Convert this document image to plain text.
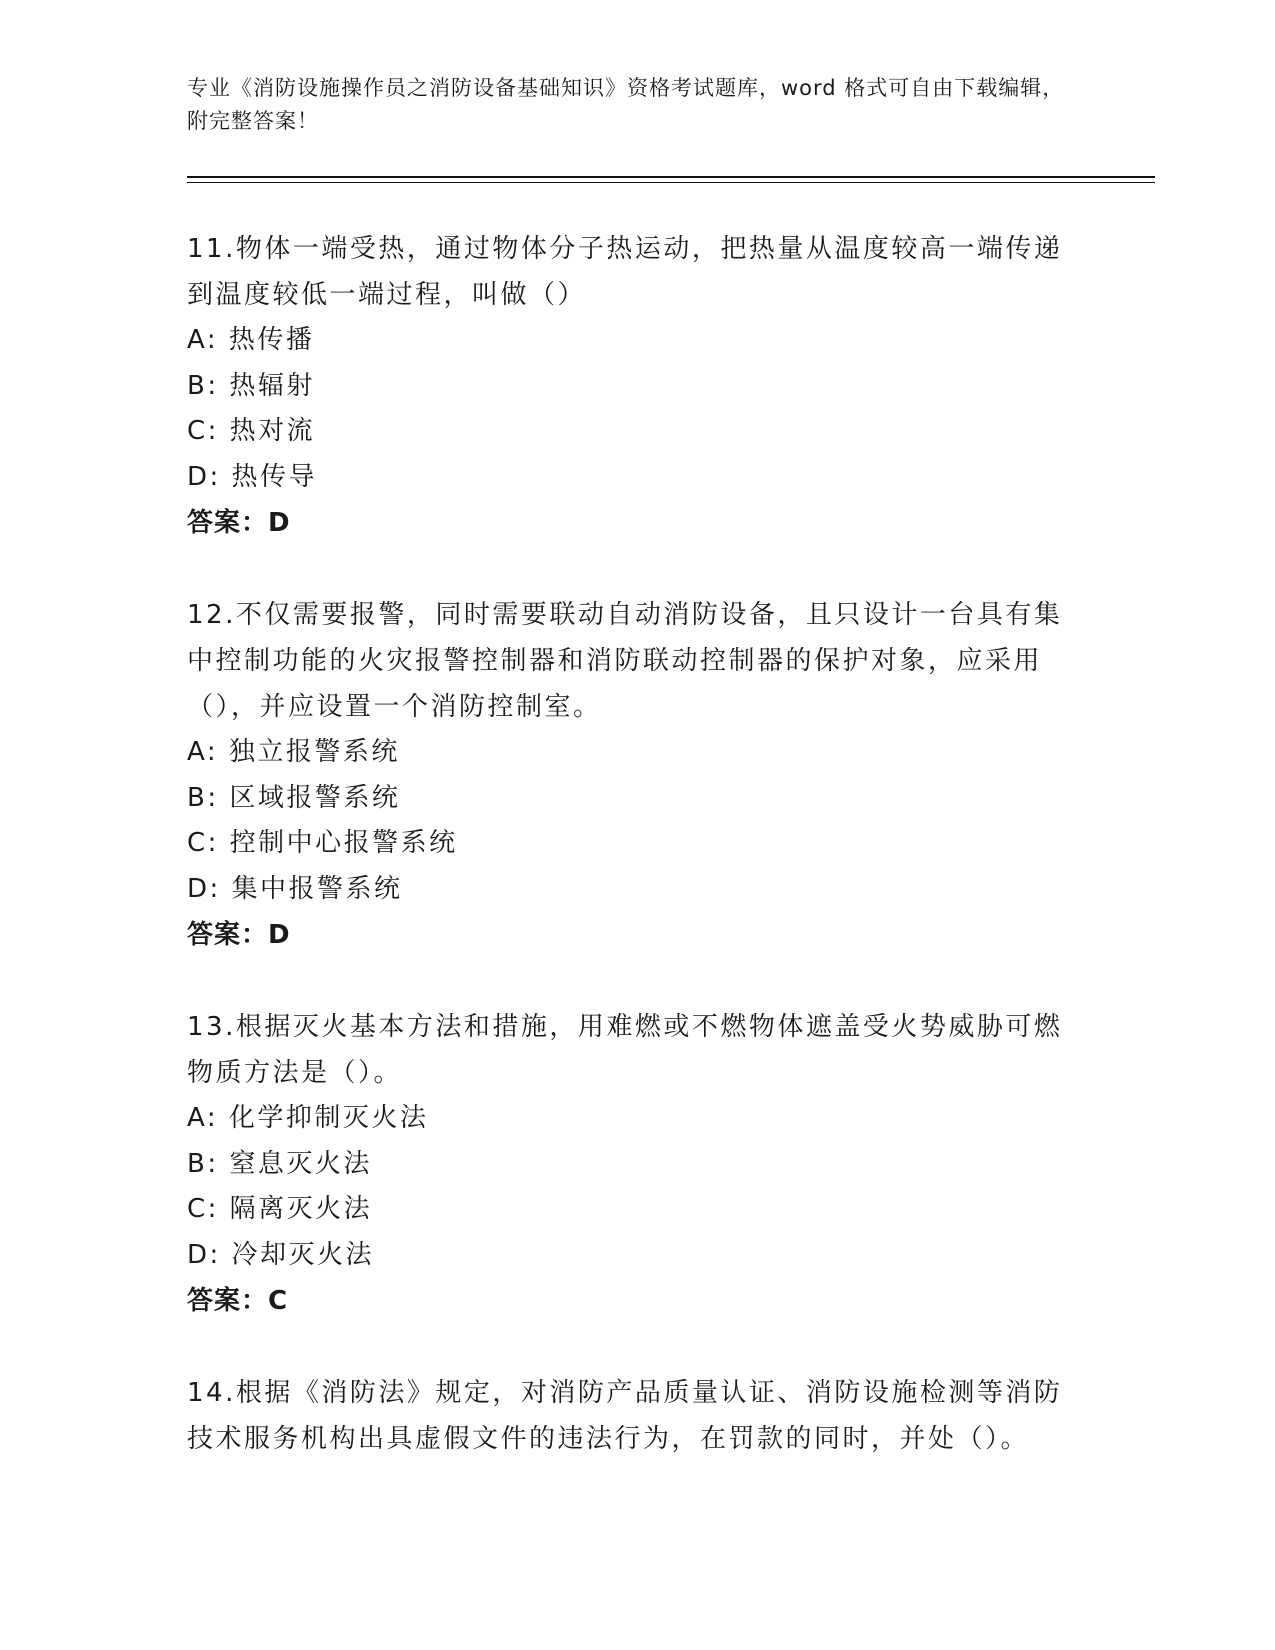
专业《消防设施操作员之消防设备基础知识》资格考试题库，word 格式可自由下载编辑，附完整答案！

11.物体一端受热，通过物体分子热运动，把热量从温度较高一端传递到温度较低一端过程，叫做（）

A: 热传播

B: 热辐射

C: 热对流

D: 热传导

答案：D

12.不仅需要报警，同时需要联动自动消防设备，且只设计一台具有集中控制功能的火灾报警控制器和消防联动控制器的保护对象，应采用（），并应设置一个消防控制室。

A: 独立报警系统

B: 区域报警系统

C: 控制中心报警系统

D: 集中报警系统

答案：D

13.根据灭火基本方法和措施，用难燃或不燃物体遮盖受火势威胁可燃物质方法是（）。

A: 化学抑制灭火法

B: 窒息灭火法

C: 隔离灭火法

D: 冷却灭火法

答案：C

14.根据《消防法》规定，对消防产品质量认证、消防设施检测等消防技术服务机构出具虚假文件的违法行为，在罚款的同时，并处（）。
